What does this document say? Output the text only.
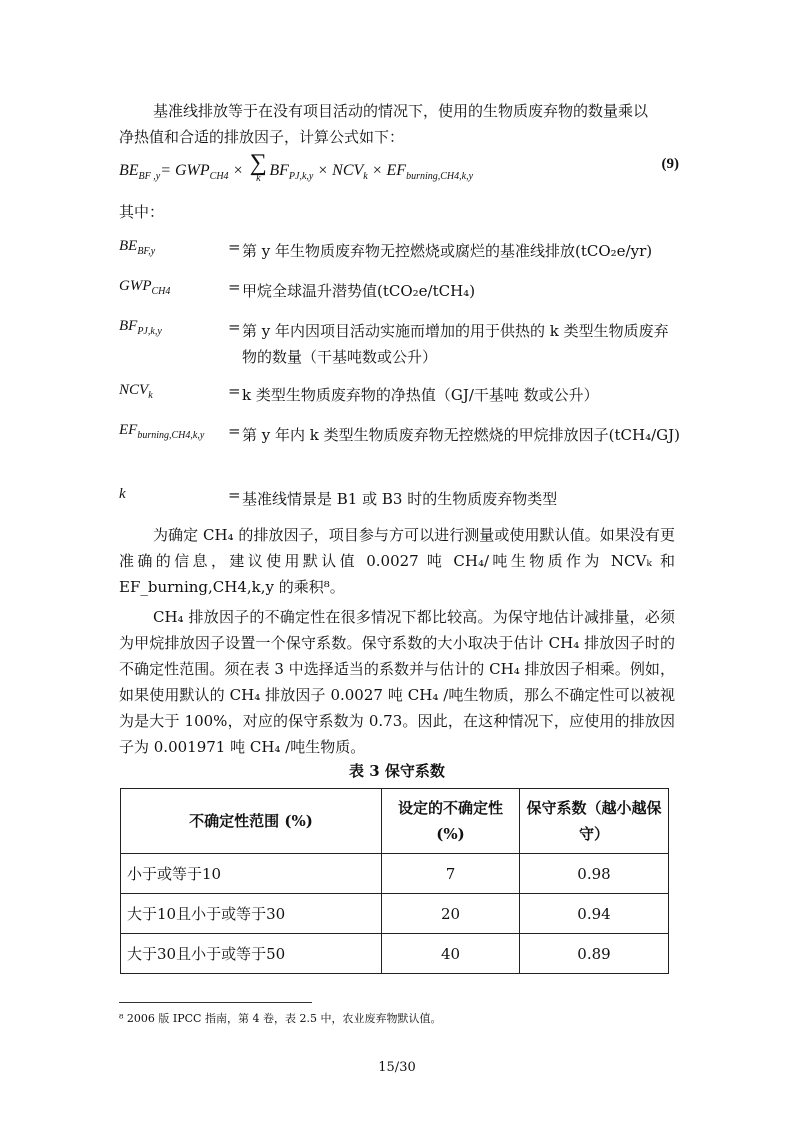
基准线排放等于在没有项目活动的情况下，使用的生物质废弃物的数量乘以
净热值和合适的排放因子，计算公式如下：

$BE_{BF ,y}= GWP_{CH4}$ × ∑
k $BF_{PJ,k,y} \times NCV_k \times EF_{burning,CH4,k,y}$
(9)
其中：
$BE_{BF,y}$	= 第 y 年生物质废弃物无控燃烧或腐烂的基准线排放(tCO₂e/yr)
$GWP_{CH4}$	= 甲烷全球温升潜势值(tCO₂e/tCH₄)
$BF_{PJ,k,y}$	= 第 y 年内因项目活动实施而增加的用于供热的 k 类型生物质废弃物的数量（干基吨数或公升）
$NCV_k$	= k 类型生物质废弃物的净热值（GJ/干基吨 数或公升）
$EF_{burning,CH4,k,y}$ = 第 y 年内 k 类型生物质废弃物无控燃烧的甲烷排放因子(tCH₄/GJ)
k	= 基准线情景是 B1 或 B3 时的生物质废弃物类型

为确定 CH₄ 的排放因子，项目参与方可以进行测量或使用默认值。如果没有更准确的信息，建议使用默认值 0.0027 吨 CH₄/吨生物质作为 NCVₖ 和 EF_burning,CH4,k,y 的乘积⁸。

CH₄ 排放因子的不确定性在很多情况下都比较高。为保守地估计减排量，必须为甲烷排放因子设置一个保守系数。保守系数的大小取决于估计 CH₄ 排放因子时的不确定性范围。须在表 3 中选择适当的系数并与估计的 CH₄ 排放因子相乘。例如，如果使用默认的 CH₄ 排放因子 0.0027 吨 CH₄ /吨生物质，那么不确定性可以被视为是大于 100%，对应的保守系数为 0.73。因此，在这种情况下，应使用的排放因子为 0.001971 吨 CH₄ /吨生物质。

表 3 保守系数
不确定性范围 (%)	设定的不确定性 (%)	保守系数（越小越保守）
小于或等于10	7	0.98
大于10且小于或等于30	20	0.94
大于30且小于或等于50	40	0.89
⁸ 2006 版 IPCC 指南，第 4 卷，表 2.5 中，农业废弃物默认值。
15/30
